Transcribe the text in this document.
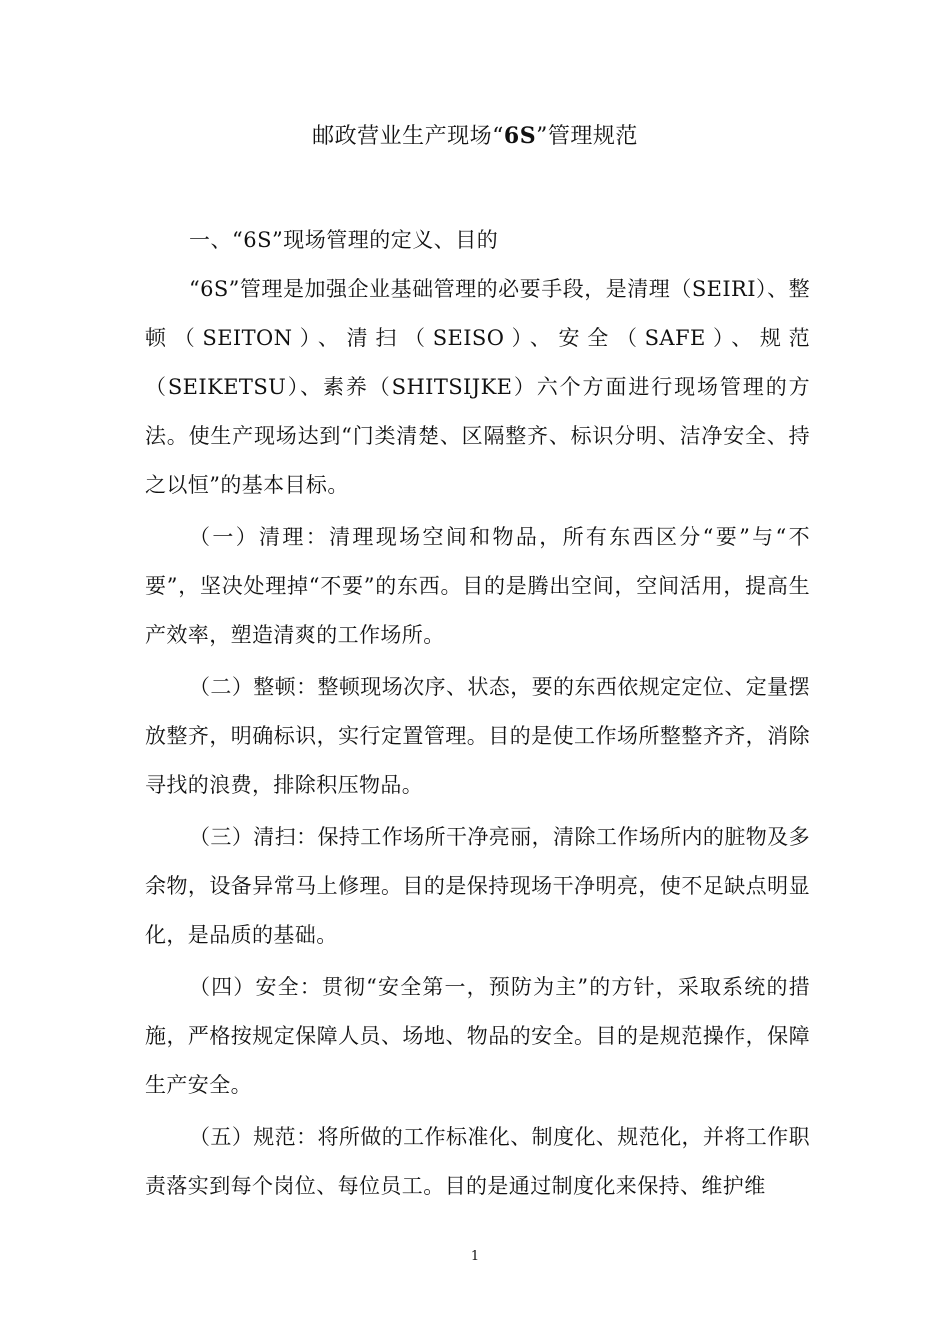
邮政营业生产现场“6S”管理规范

一、“6S”现场管理的定义、目的

“6S”管理是加强企业基础管理的必要手段，是清理（SEIRI）、整顿（SEITON）、清扫（SEISO）、安全（SAFE）、规范（SEIKETSU）、素养（SHITSIJKE）六个方面进行现场管理的方法。使生产现场达到“门类清楚、区隔整齐、标识分明、洁净安全、持之以恒”的基本目标。

（一）清理：清理现场空间和物品，所有东西区分“要”与“不要”，坚决处理掉“不要”的东西。目的是腾出空间，空间活用，提高生产效率，塑造清爽的工作场所。

（二）整顿：整顿现场次序、状态，要的东西依规定定位、定量摆放整齐，明确标识，实行定置管理。目的是使工作场所整整齐齐，消除寻找的浪费，排除积压物品。

（三）清扫：保持工作场所干净亮丽，清除工作场所内的脏物及多余物，设备异常马上修理。目的是保持现场干净明亮，使不足缺点明显化，是品质的基础。

（四）安全：贯彻“安全第一，预防为主”的方针，采取系统的措施，严格按规定保障人员、场地、物品的安全。目的是规范操作，保障生产安全。

（五）规范：将所做的工作标准化、制度化、规范化，并将工作职责落实到每个岗位、每位员工。目的是通过制度化来保持、维护维

1
